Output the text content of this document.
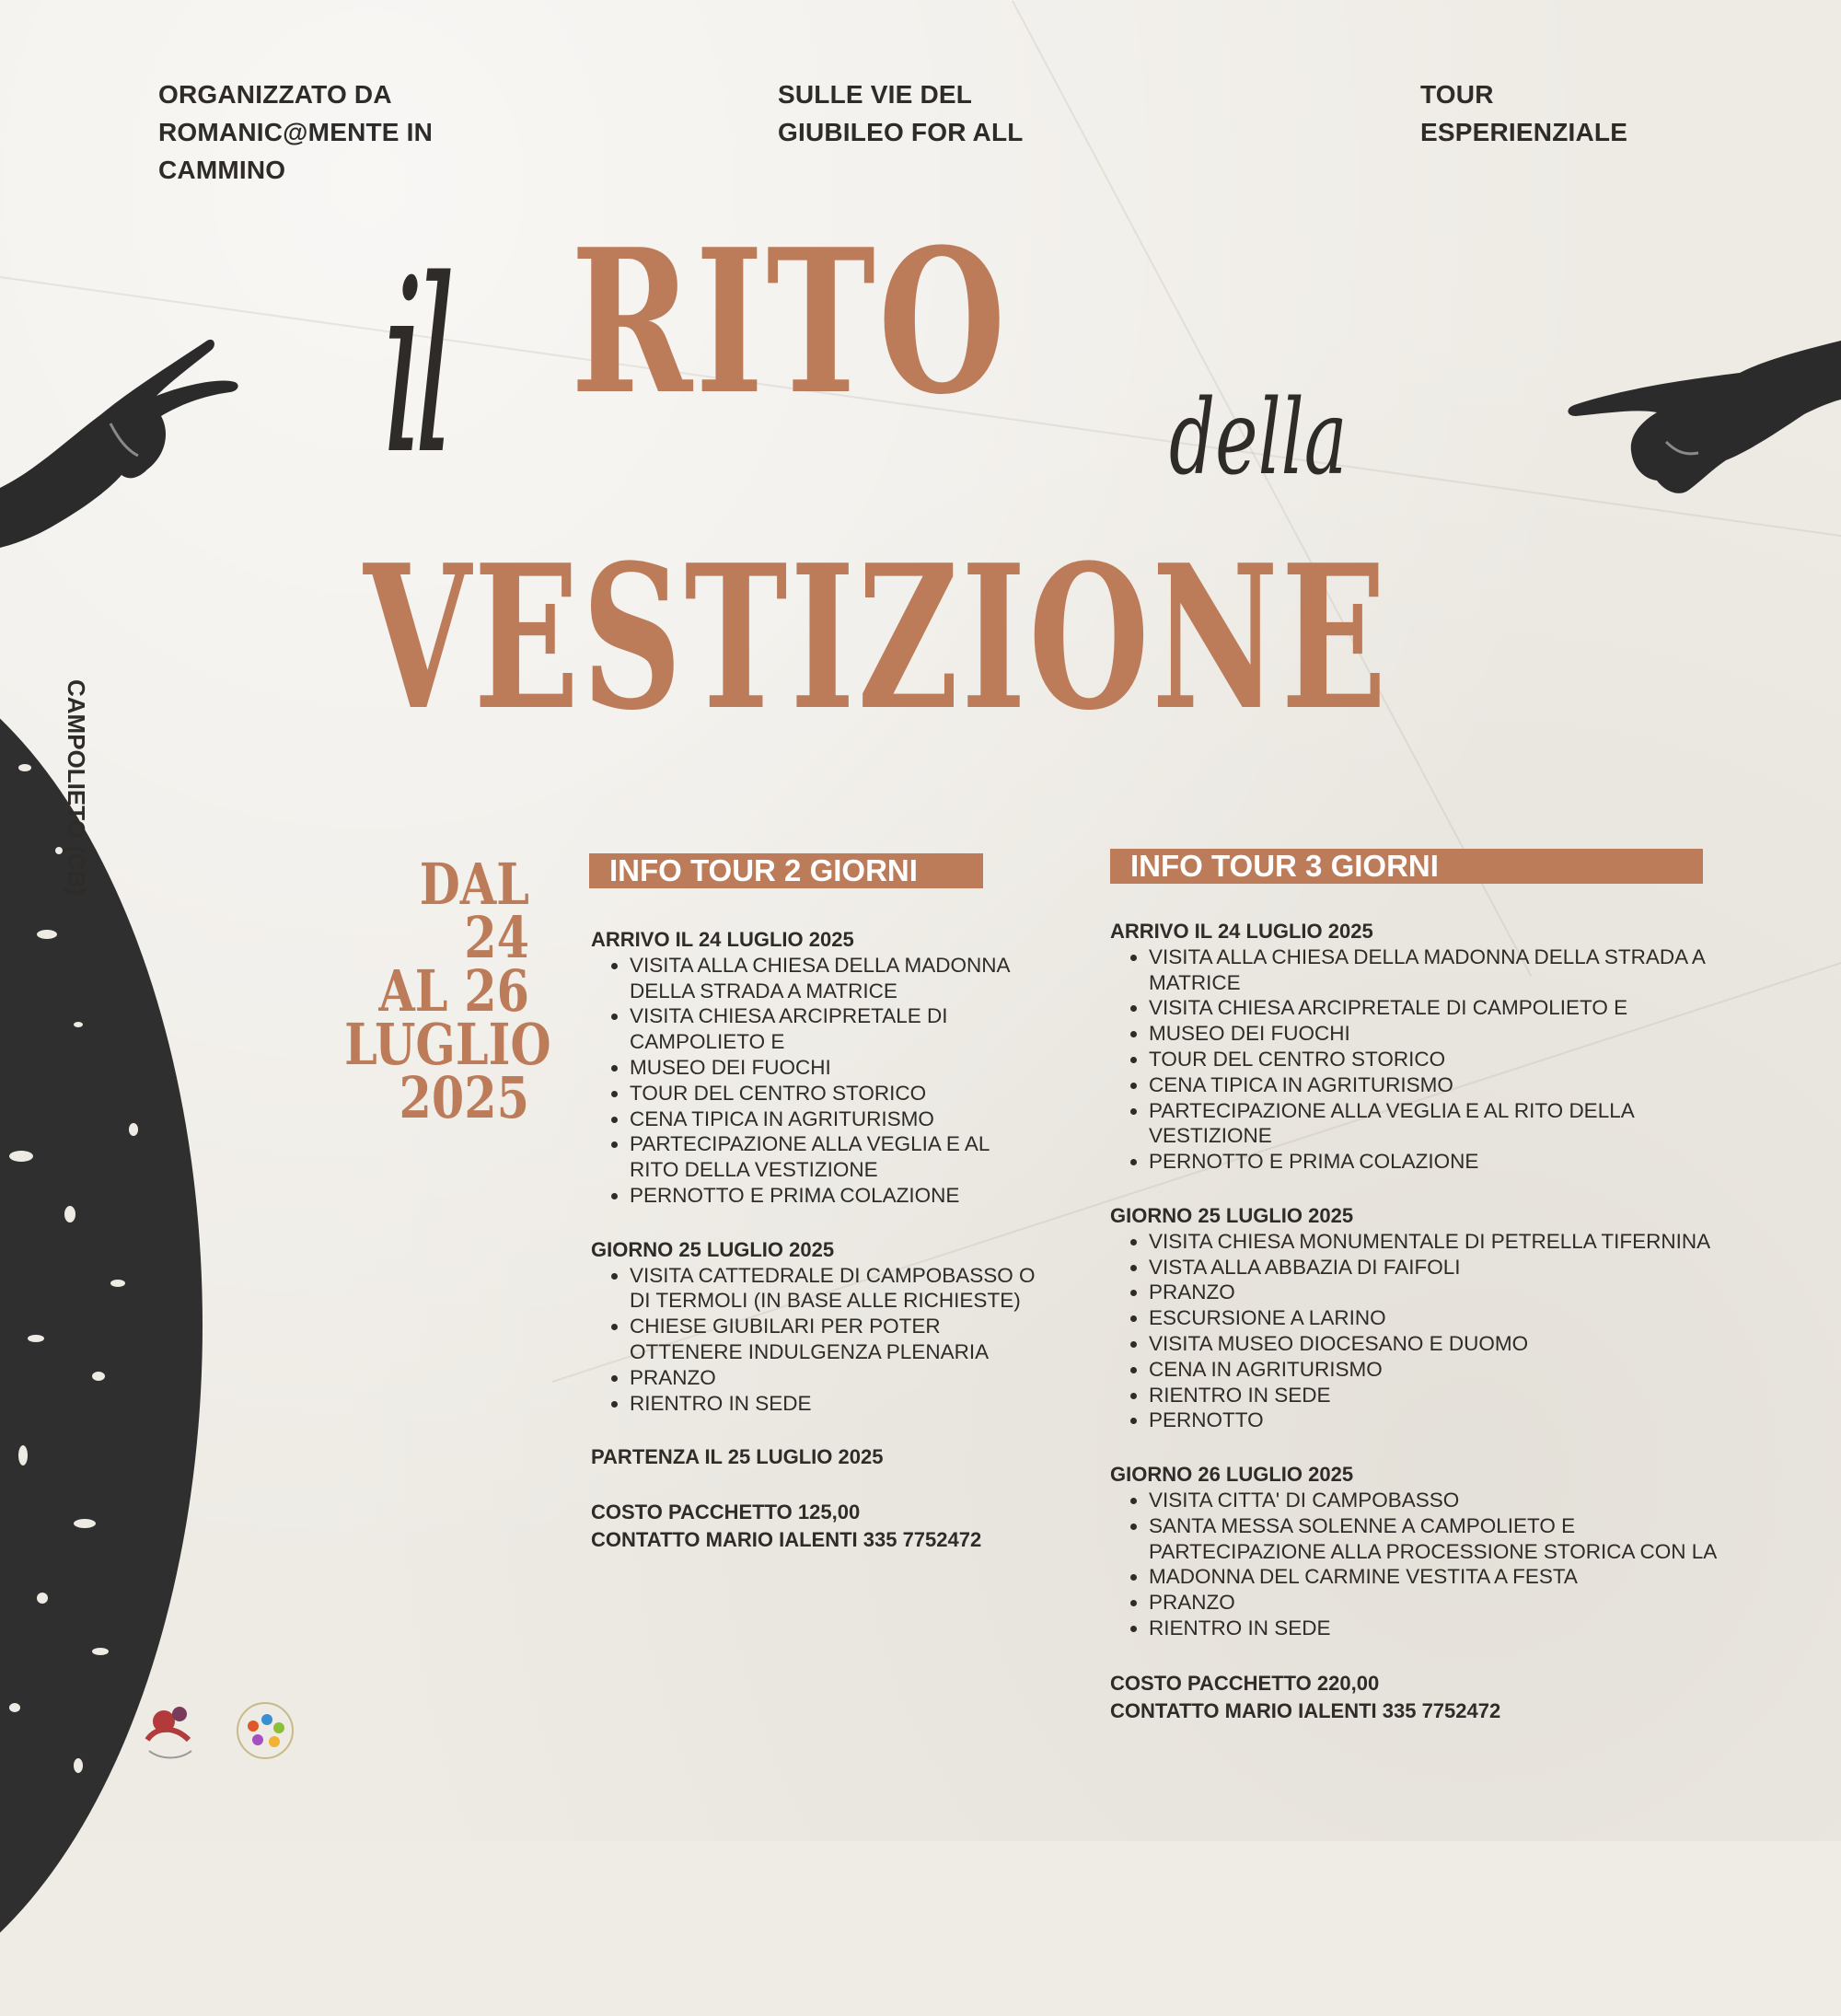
ORGANIZZATO DA ROMANIC@MENTE IN CAMMINO
SULLE VIE DEL GIUBILEO FOR ALL
TOUR ESPERIENZIALE
RITO
VESTIZIONE
il	della
CAMPOLIETO (CB)	DAL 24
AL 26
LUGLIO
2025
INFO TOUR 2 GIORNI	INFO TOUR 3 GIORNI
ARRIVO IL 24 LUGLIO 2025
• VISITA ALLA CHIESA DELLA MADONNA DELLA STRADA A MATRICE
• VISITA CHIESA ARCIPRETALE DI CAMPOLIETO E
• MUSEO DEI FUOCHI
• TOUR DEL CENTRO STORICO
• CENA TIPICA IN AGRITURISMO
• PARTECIPAZIONE ALLA VEGLIA E AL RITO DELLA VESTIZIONE
• PERNOTTO E PRIMA COLAZIONE
GIORNO 25 LUGLIO 2025
• VISITA CATTEDRALE DI CAMPOBASSO O DI TERMOLI (IN BASE ALLE RICHIESTE)
• CHIESE GIUBILARI PER POTER OTTENERE INDULGENZA PLENARIA
• PRANZO
• RIENTRO IN SEDE

PARTENZA IL 25 LUGLIO 2025

COSTO PACCHETTO 125,00
CONTATTO MARIO IALENTI 335 7752472
ARRIVO IL 24 LUGLIO 2025
• VISITA ALLA CHIESA DELLA MADONNA DELLA STRADA A MATRICE
• VISITA CHIESA ARCIPRETALE DI CAMPOLIETO E
• MUSEO DEI FUOCHI
• TOUR DEL CENTRO STORICO
• CENA TIPICA IN AGRITURISMO
• PARTECIPAZIONE ALLA VEGLIA E AL RITO DELLA VESTIZIONE
• PERNOTTO E PRIMA COLAZIONE
GIORNO 25 LUGLIO 2025
• VISITA CHIESA MONUMENTALE DI PETRELLA TIFERNINA
• VISTA ALLA ABBAZIA DI FAIFOLI
• PRANZO
• ESCURSIONE A LARINO
• VISITA MUSEO DIOCESANO E DUOMO
• CENA IN AGRITURISMO
• RIENTRO IN SEDE
• PERNOTTO
GIORNO 26 LUGLIO 2025
• VISITA CITTA' DI CAMPOBASSO
• SANTA MESSA SOLENNE A CAMPOLIETO E PARTECIPAZIONE ALLA PROCESSIONE STORICA CON LA
• MADONNA DEL CARMINE VESTITA A FESTA
• PRANZO
• RIENTRO IN SEDE
COSTO PACCHETTO 220,00
CONTATTO MARIO IALENTI 335 7752472
